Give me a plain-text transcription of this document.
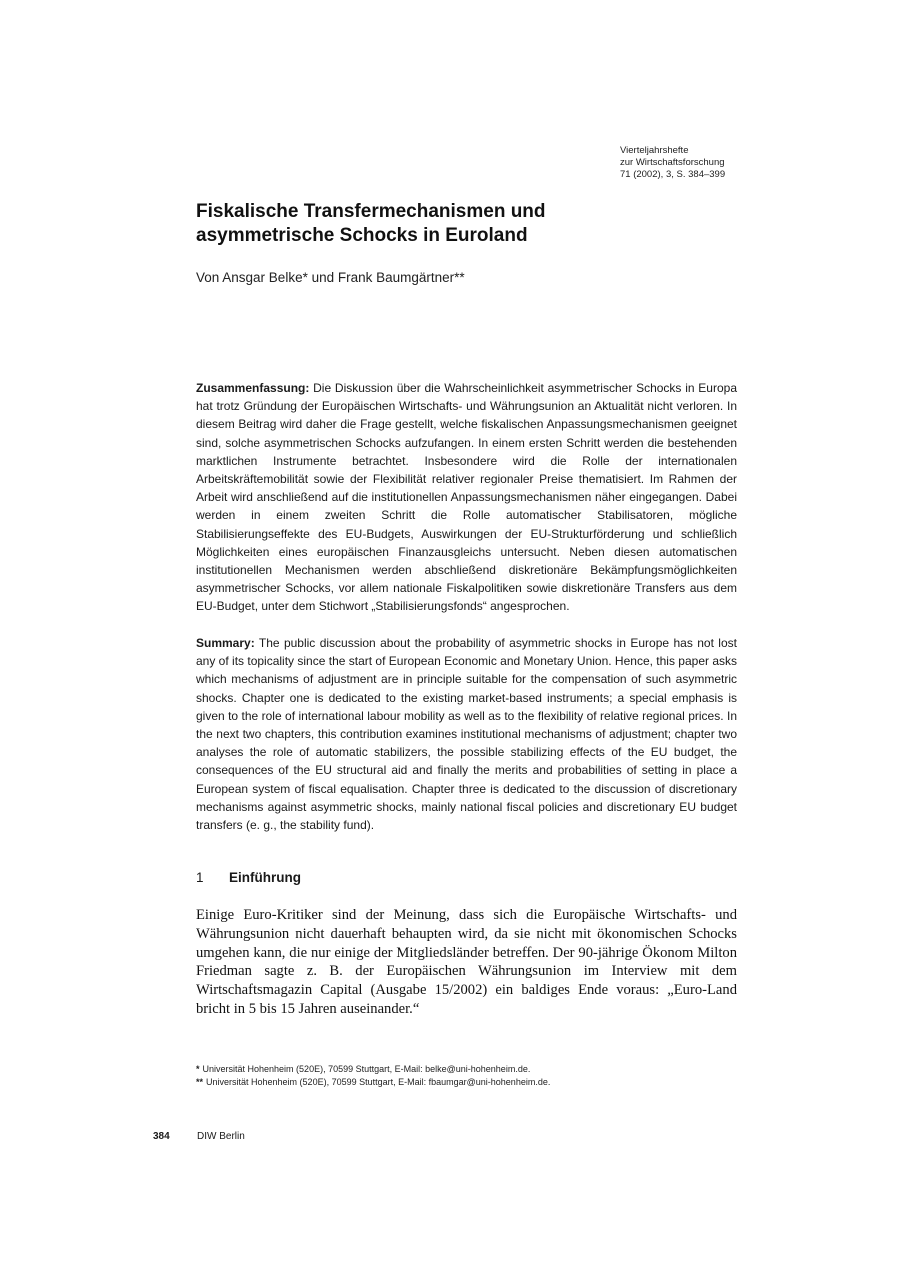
Vierteljahrshefte
zur Wirtschaftsforschung
71 (2002), 3, S. 384–399
Fiskalische Transfermechanismen und
asymmetrische Schocks in Euroland
Von Ansgar Belke* und Frank Baumgärtner**

Zusammenfassung: Die Diskussion über die Wahrscheinlichkeit asymmetrischer Schocks in Europa hat trotz Gründung der Europäischen Wirtschafts- und Währungsunion an Aktualität nicht verloren. In diesem Beitrag wird daher die Frage gestellt, welche fiskalischen Anpassungsmechanismen geeignet sind, solche asymmetrischen Schocks aufzufangen. In einem ersten Schritt werden die bestehenden marktlichen Instrumente betrachtet. Insbesondere wird die Rolle der internationalen Arbeitskräftemobilität sowie der Flexibilität relativer regionaler Preise thematisiert. Im Rahmen der Arbeit wird anschließend auf die institutionellen Anpassungsmechanismen näher eingegangen. Dabei werden in einem zweiten Schritt die Rolle automatischer Stabilisatoren, mögliche Stabilisierungseffekte des EU-Budgets, Auswirkungen der EU-Strukturförderung und schließlich Möglichkeiten eines europäischen Finanzausgleichs untersucht. Neben diesen automatischen institutionellen Mechanismen werden abschließend diskretionäre Bekämpfungsmöglichkeiten asymmetrischer Schocks, vor allem nationale Fiskalpolitiken sowie diskretionäre Transfers aus dem EU-Budget, unter dem Stichwort „Stabilisierungsfonds“ angesprochen.

Summary: The public discussion about the probability of asymmetric shocks in Europe has not lost any of its topicality since the start of European Economic and Monetary Union. Hence, this paper asks which mechanisms of adjustment are in principle suitable for the compensation of such asymmetric shocks. Chapter one is dedicated to the existing market-based instruments; a special emphasis is given to the role of international labour mobility as well as to the flexibility of relative regional prices. In the next two chapters, this contribution examines institutional mechanisms of adjustment; chapter two analyses the role of automatic stabilizers, the possible stabilizing effects of the EU budget, the consequences of the EU structural aid and finally the merits and probabilities of setting in place a European system of fiscal equalisation. Chapter three is dedicated to the discussion of discretionary mechanisms against asymmetric shocks, mainly national fiscal policies and discretionary EU budget transfers (e. g., the stability fund).

1 Einführung

Einige Euro-Kritiker sind der Meinung, dass sich die Europäische Wirtschafts- und Währungsunion nicht dauerhaft behaupten wird, da sie nicht mit ökonomischen Schocks umgehen kann, die nur einige der Mitgliedsländer betreffen. Der 90-jährige Ökonom Milton Friedman sagte z. B. der Europäischen Währungsunion im Interview mit dem Wirtschaftsmagazin Capital (Ausgabe 15/2002) ein baldiges Ende voraus: „Euro-Land bricht in 5 bis 15 Jahren auseinander.“

* Universität Hohenheim (520E), 70599 Stuttgart, E-Mail: belke@uni-hohenheim.de.
** Universität Hohenheim (520E), 70599 Stuttgart, E-Mail: fbaumgar@uni-hohenheim.de.
384	DIW Berlin
